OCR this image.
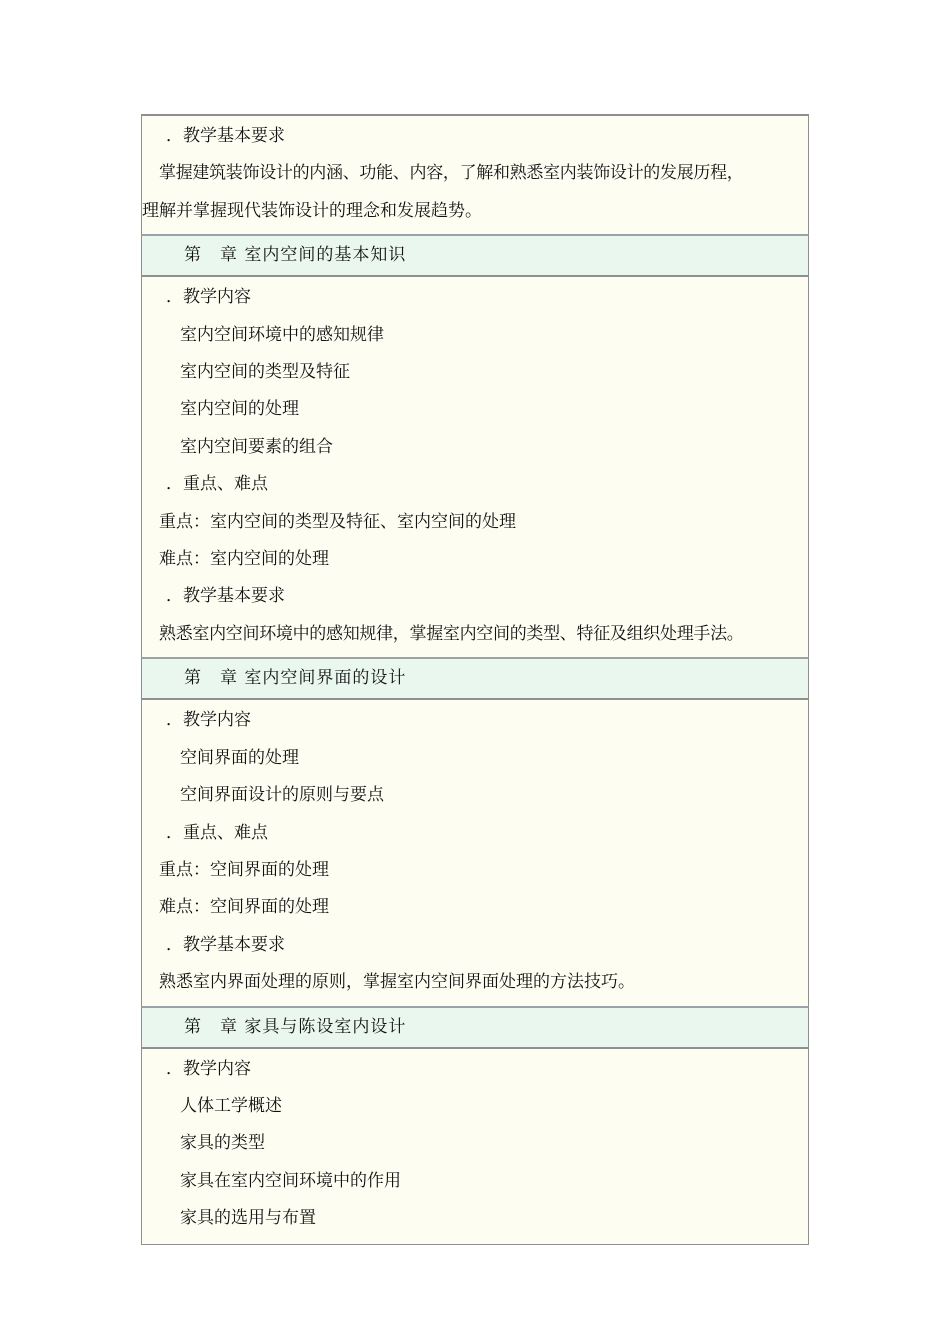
．教学基本要求
掌握建筑装饰设计的内涵、功能、内容，了解和熟悉室内装饰设计的发展历程，
理解并掌握现代装饰设计的理念和发展趋势。
第　章 室内空间的基本知识
．教学内容
室内空间环境中的感知规律
室内空间的类型及特征
室内空间的处理
室内空间要素的组合
．重点、难点
重点：室内空间的类型及特征、室内空间的处理
难点：室内空间的处理
．教学基本要求
熟悉室内空间环境中的感知规律，掌握室内空间的类型、特征及组织处理手法。
第　章 室内空间界面的设计
．教学内容
空间界面的处理
空间界面设计的原则与要点
．重点、难点
重点：空间界面的处理
难点：空间界面的处理
．教学基本要求
熟悉室内界面处理的原则，掌握室内空间界面处理的方法技巧。
第　章 家具与陈设室内设计
．教学内容
人体工学概述
家具的类型
家具在室内空间环境中的作用
家具的选用与布置
